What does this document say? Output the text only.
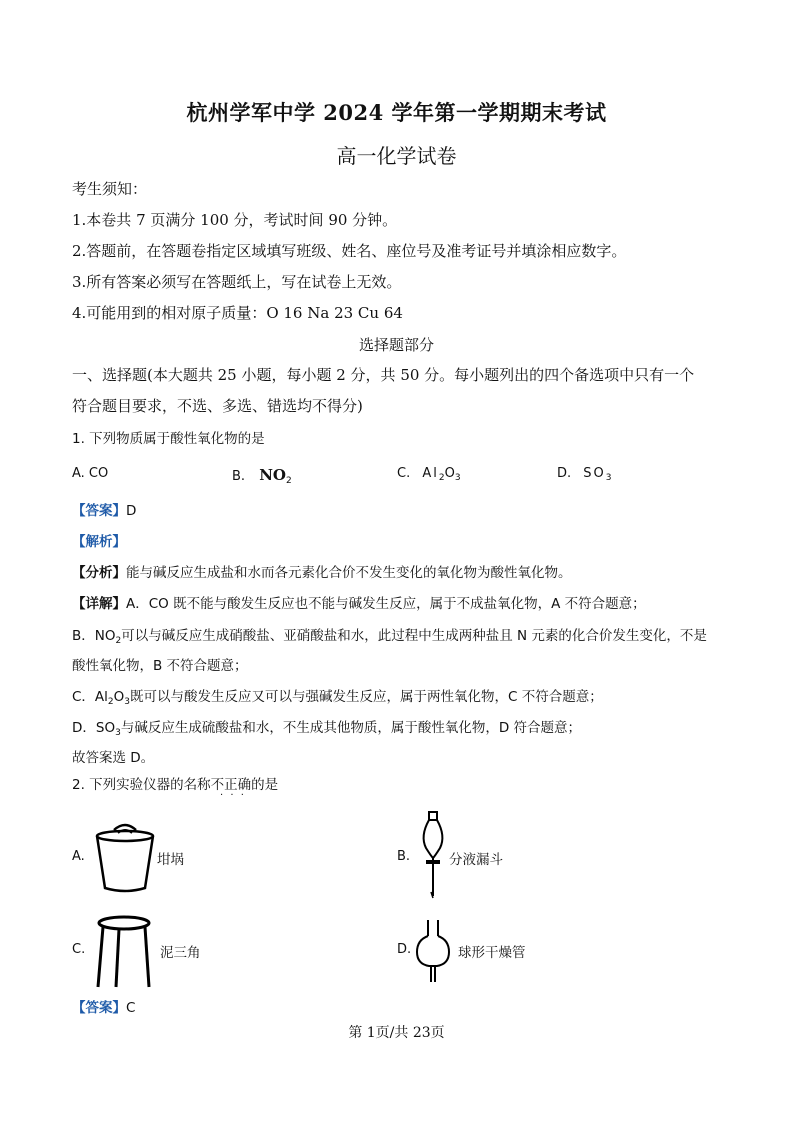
杭州学军中学 2024 学年第一学期期末考试
高一化学试卷
考生须知：
1.本卷共 7 页满分 100 分，考试时间 90 分钟。
2.答题前，在答题卷指定区域填写班级、姓名、座位号及准考证号并填涂相应数字。
3.所有答案必须写在答题纸上，写在试卷上无效。
4.可能用到的相对原子质量：O 16 Na 23 Cu 64
选择题部分
一、选择题(本大题共 25 小题，每小题 2 分，共 50 分。每小题列出的四个备选项中只有一个
符合题目要求，不选、多选、错选均不得分)
1. 下列物质属于酸性氧化物的是
A. CO	B. $NO_2$	C. $Al_2O_3$	D. $SO_3$
【答案】D
【解析】
【分析】能与碱反应生成盐和水而各元素化合价不发生变化的氧化物为酸性氧化物。
【详解】A．CO 既不能与酸发生反应也不能与碱发生反应，属于不成盐氧化物，A 不符合题意；
B．$NO_2$可以与碱反应生成硝酸盐、亚硝酸盐和水，此过程中生成两种盐且 N 元素的化合价发生变化，不是
酸性氧化物，B 不符合题意；
C．$Al_2O_3$既可以与酸发生反应又可以与强碱发生反应，属于两性氧化物，C 不符合题意；
D．$SO_3$与碱反应生成硫酸盐和水，不生成其他物质，属于酸性氧化物，D 符合题意；
故答案选 D。
2. 下列实验仪器的名称不正确的是
· · ·
A.	坩埚	B.	分液漏斗
C.	泥三角	D.	球形干燥管
【答案】C
第 1页/共 23页
